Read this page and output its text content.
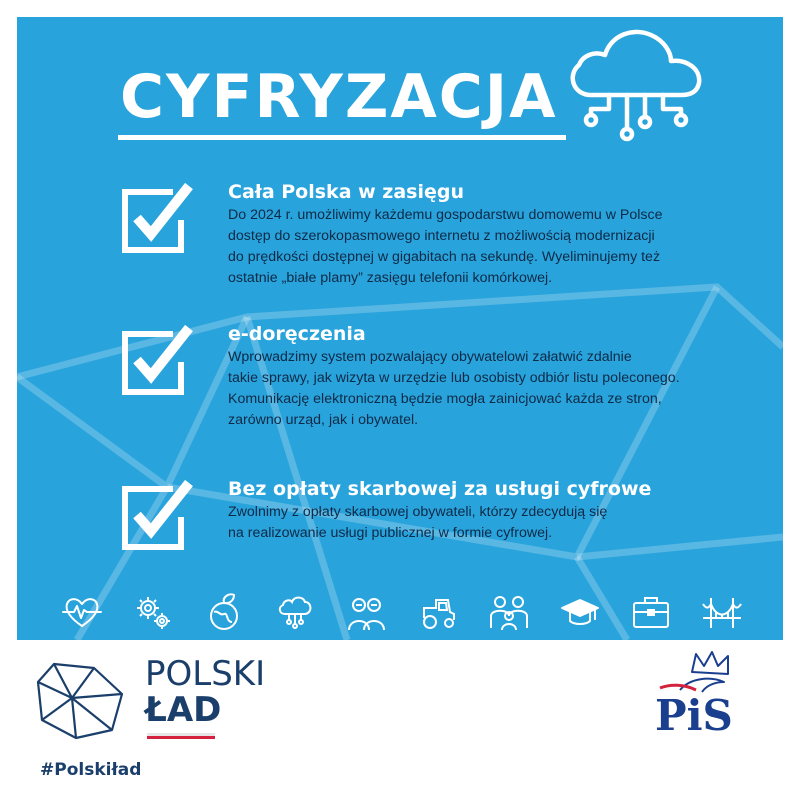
CYFRYZACJA
Cała Polska w zasięgu
Do 2024 r. umożliwimy każdemu gospodarstwu domowemu w Polsce
dostęp do szerokopasmowego internetu z możliwością modernizacji
do prędkości dostępnej w gigabitach na sekundę. Wyeliminujemy też
ostatnie „białe plamy” zasięgu telefonii komórkowej.
e-doręczenia
Wprowadzimy system pozwalający obywatelowi załatwić zdalnie
takie sprawy, jak wizyta w urzędzie lub osobisty odbiór listu poleconego.
Komunikację elektroniczną będzie mogła zainicjować każda ze stron,
zarówno urząd, jak i obywatel.
Bez opłaty skarbowej za usługi cyfrowe
Zwolnimy z opłaty skarbowej obywateli, którzy zdecydują się
na realizowanie usługi publicznej w formie cyfrowej.
POLSKI
ŁAD
#Polskiład
PiS
